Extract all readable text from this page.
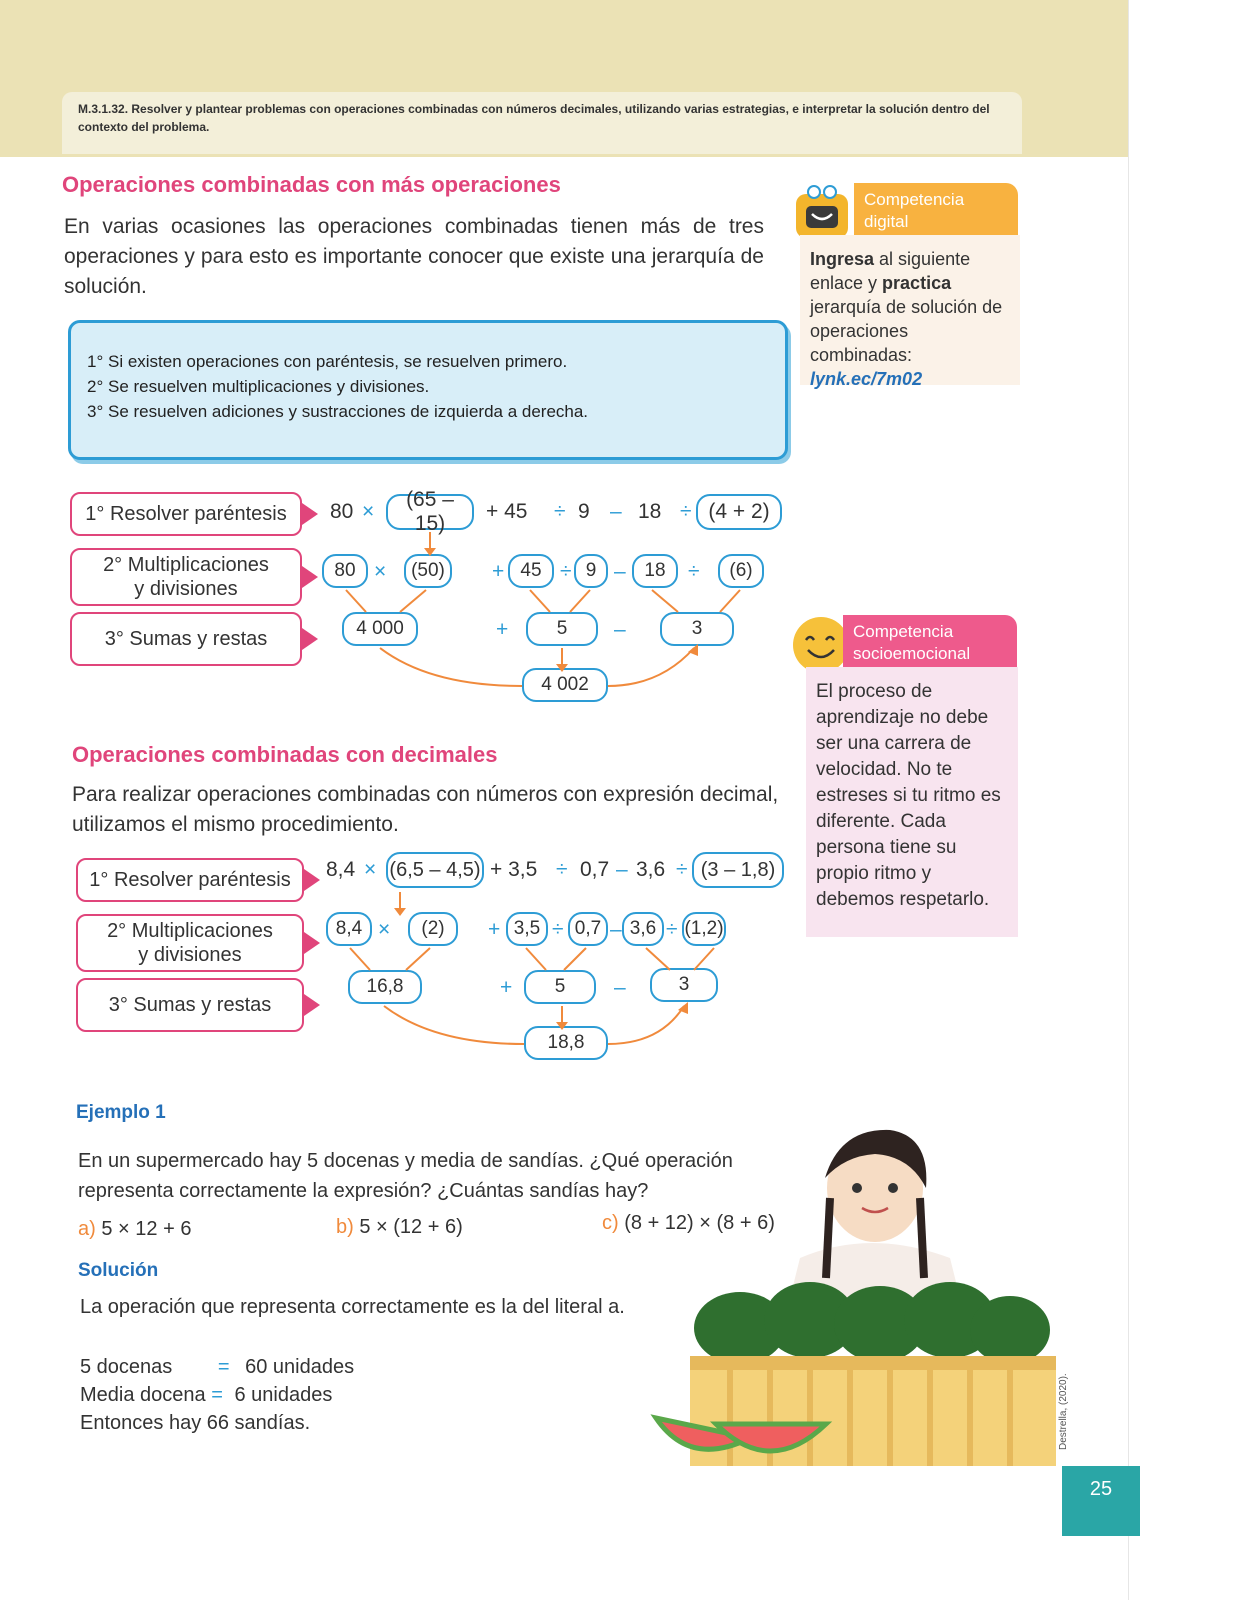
M.3.1.32. Resolver y plantear problemas con operaciones combinadas con números decimales, utilizando varias estrategias, e interpretar la solución dentro del contexto del problema.
Operaciones combinadas con más operaciones
En varias ocasiones las operaciones combinadas tienen más de tres operaciones y para esto es importante conocer que existe una jerarquía de solución.
1° Si existen operaciones con paréntesis, se resuelven primero.
2° Se resuelven multiplicaciones y divisiones.
3° Se resuelven adiciones y sustracciones de izquierda a derecha.
1° Resolver paréntesis
2° Multiplicaciones
y divisiones
3° Sumas y restas
80 ×
(65 – 15)
+ 45 ÷ 9 – 18 ÷ (4 + 2)
80 × (50) + 45 ÷ 9 – 18 ÷ (6)
4 000	+	5 –	3
4 002
Operaciones combinadas con decimales
Para realizar operaciones combinadas con números con expresión decimal, utilizamos el mismo procedimiento.
1° Resolver paréntesis
2° Multiplicaciones
y divisiones
3° Sumas y restas
8,4 × (6,5 – 4,5) + 3,5 ÷ 0,7 – 3,6 ÷ (3 – 1,8)
8,4 × (2) + 3,5 ÷ 0,7 – 3,6 ÷ (1,2)
16,8	+ 5 –	3
18,8
Ejemplo 1
En un supermercado hay 5 docenas y media de sandías. ¿Qué operación representa correctamente la expresión? ¿Cuántas sandías hay?
a) 5 × 12 + 6	b) 5 × (12 + 6)	c) (8 + 12) × (8 + 6)
Solución
La operación que representa correctamente es la del literal a.
5 docenas = 60 unidades
Media docena = 6 unidades
Entonces hay 66 sandías.
Competencia
digital
Ingresa al siguiente enlace y practica jerarquía de solución de operaciones combinadas:
lynk.ec/7m02
Competencia
socioemocional
El proceso de aprendizaje no debe ser una carrera de velocidad. No te estreses si tu ritmo es diferente. Cada persona tiene su propio ritmo y debemos respetarlo.
Destrella, (2020).
25
